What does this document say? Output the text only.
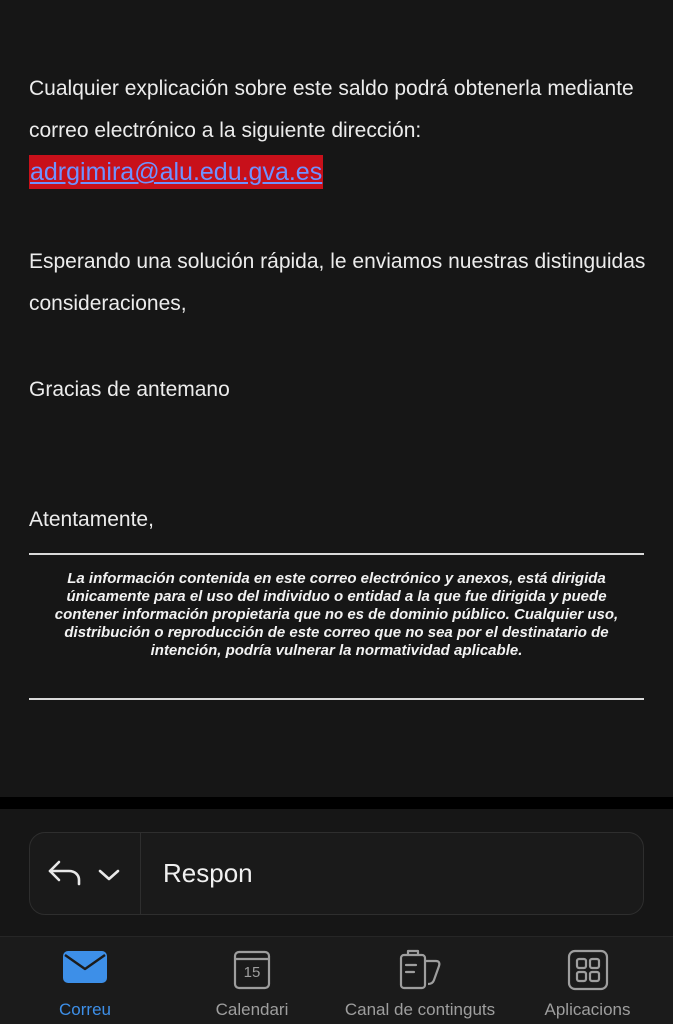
Cualquier explicación sobre este saldo podrá obtenerla mediante correo electrónico a la siguiente dirección:
adrgimira@alu.edu.gva.es
Esperando una solución rápida, le enviamos nuestras distinguidas consideraciones,
Gracias de antemano
Atentamente,
La información contenida en este correo electrónico y anexos, está dirigida únicamente para el uso del individuo o entidad a la que fue dirigida y puede contener información propietaria que no es de dominio público. Cualquier uso, distribución o reproducción de este correo que no sea por el destinatario de intención, podría vulnerar la normatividad aplicable.
Respon
Correu
15
Calendari	Canal de continguts	Aplicacions
